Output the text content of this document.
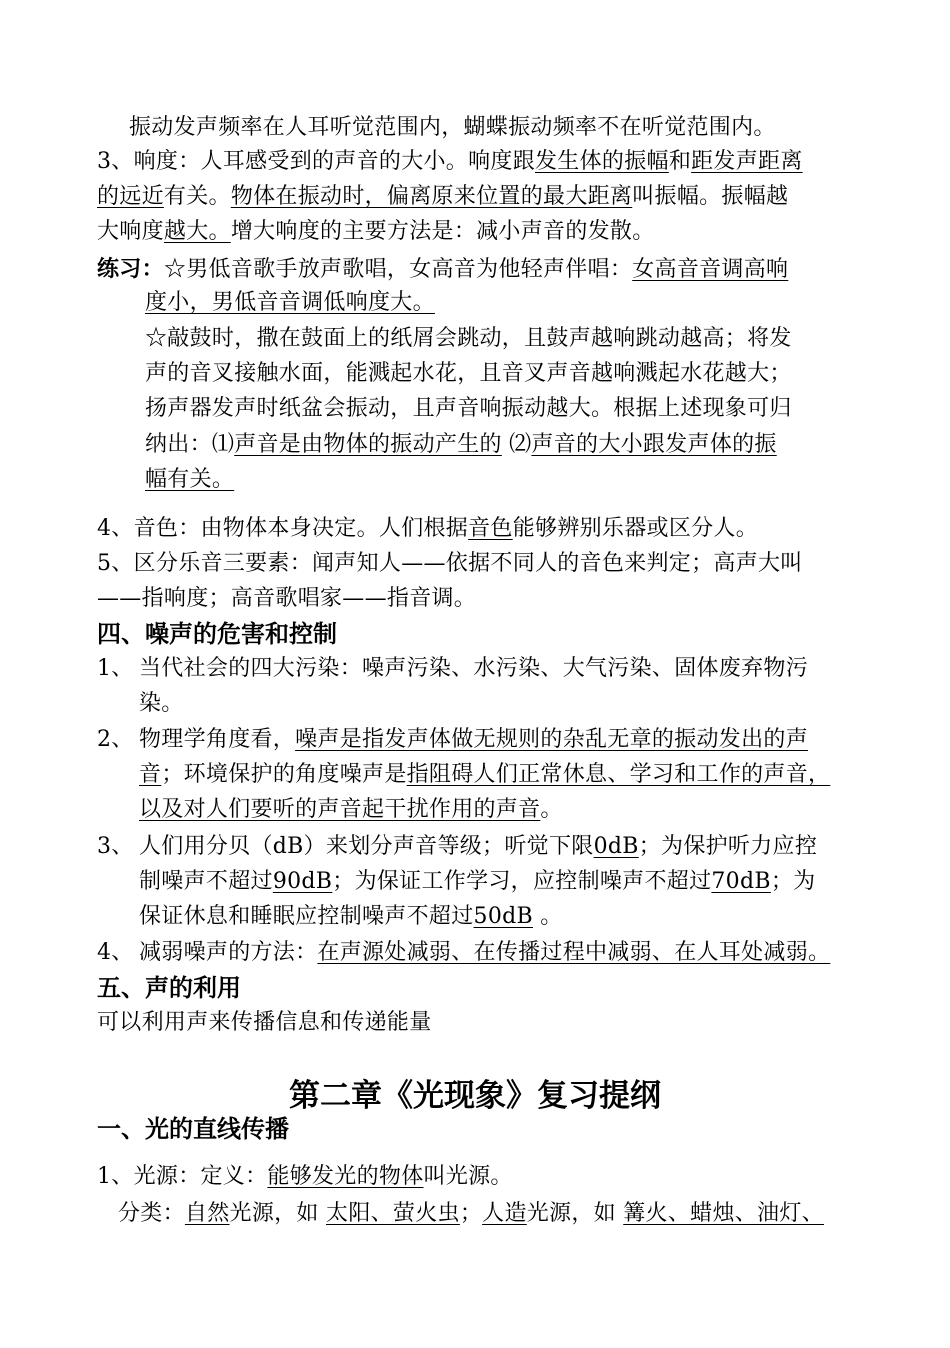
振动发声频率在人耳听觉范围内，蝴蝶振动频率不在听觉范围内。
3、响度：人耳感受到的声音的大小。响度跟发生体的振幅和距发声距离
的远近有关。物体在振动时，偏离原来位置的最大距离叫振幅。振幅越
大响度越大。增大响度的主要方法是：减小声音的发散。
练习：☆男低音歌手放声歌唱，女高音为他轻声伴唱：女高音音调高响
度小，男低音音调低响度大。
☆敲鼓时，撒在鼓面上的纸屑会跳动，且鼓声越响跳动越高；将发
声的音叉接触水面，能溅起水花，且音叉声音越响溅起水花越大；
扬声器发声时纸盆会振动，且声音响振动越大。根据上述现象可归
纳出：⑴声音是由物体的振动产生的 ⑵声音的大小跟发声体的振
幅有关。
4、音色：由物体本身决定。人们根据音色能够辨别乐器或区分人。
5、区分乐音三要素：闻声知人——依据不同人的音色来判定；高声大叫
——指响度；高音歌唱家——指音调。
四、噪声的危害和控制
1、 当代社会的四大污染：噪声污染、水污染、大气污染、固体废弃物污
染。
2、 物理学角度看，噪声是指发声体做无规则的杂乱无章的振动发出的声
音；环境保护的角度噪声是指阻碍人们正常休息、学习和工作的声音，
以及对人们要听的声音起干扰作用的声音。
3、 人们用分贝（dB）来划分声音等级；听觉下限0dB；为保护听力应控
制噪声不超过90dB；为保证工作学习，应控制噪声不超过70dB；为
保证休息和睡眠应控制噪声不超过50dB 。
4、 减弱噪声的方法：在声源处减弱、在传播过程中减弱、在人耳处减弱。
五、声的利用
可以利用声来传播信息和传递能量
第二章《光现象》复习提纲
一、光的直线传播
1、光源：定义：能够发光的物体叫光源。
分类：自然光源，如 太阳、萤火虫；人造光源，如 篝火、蜡烛、油灯、
